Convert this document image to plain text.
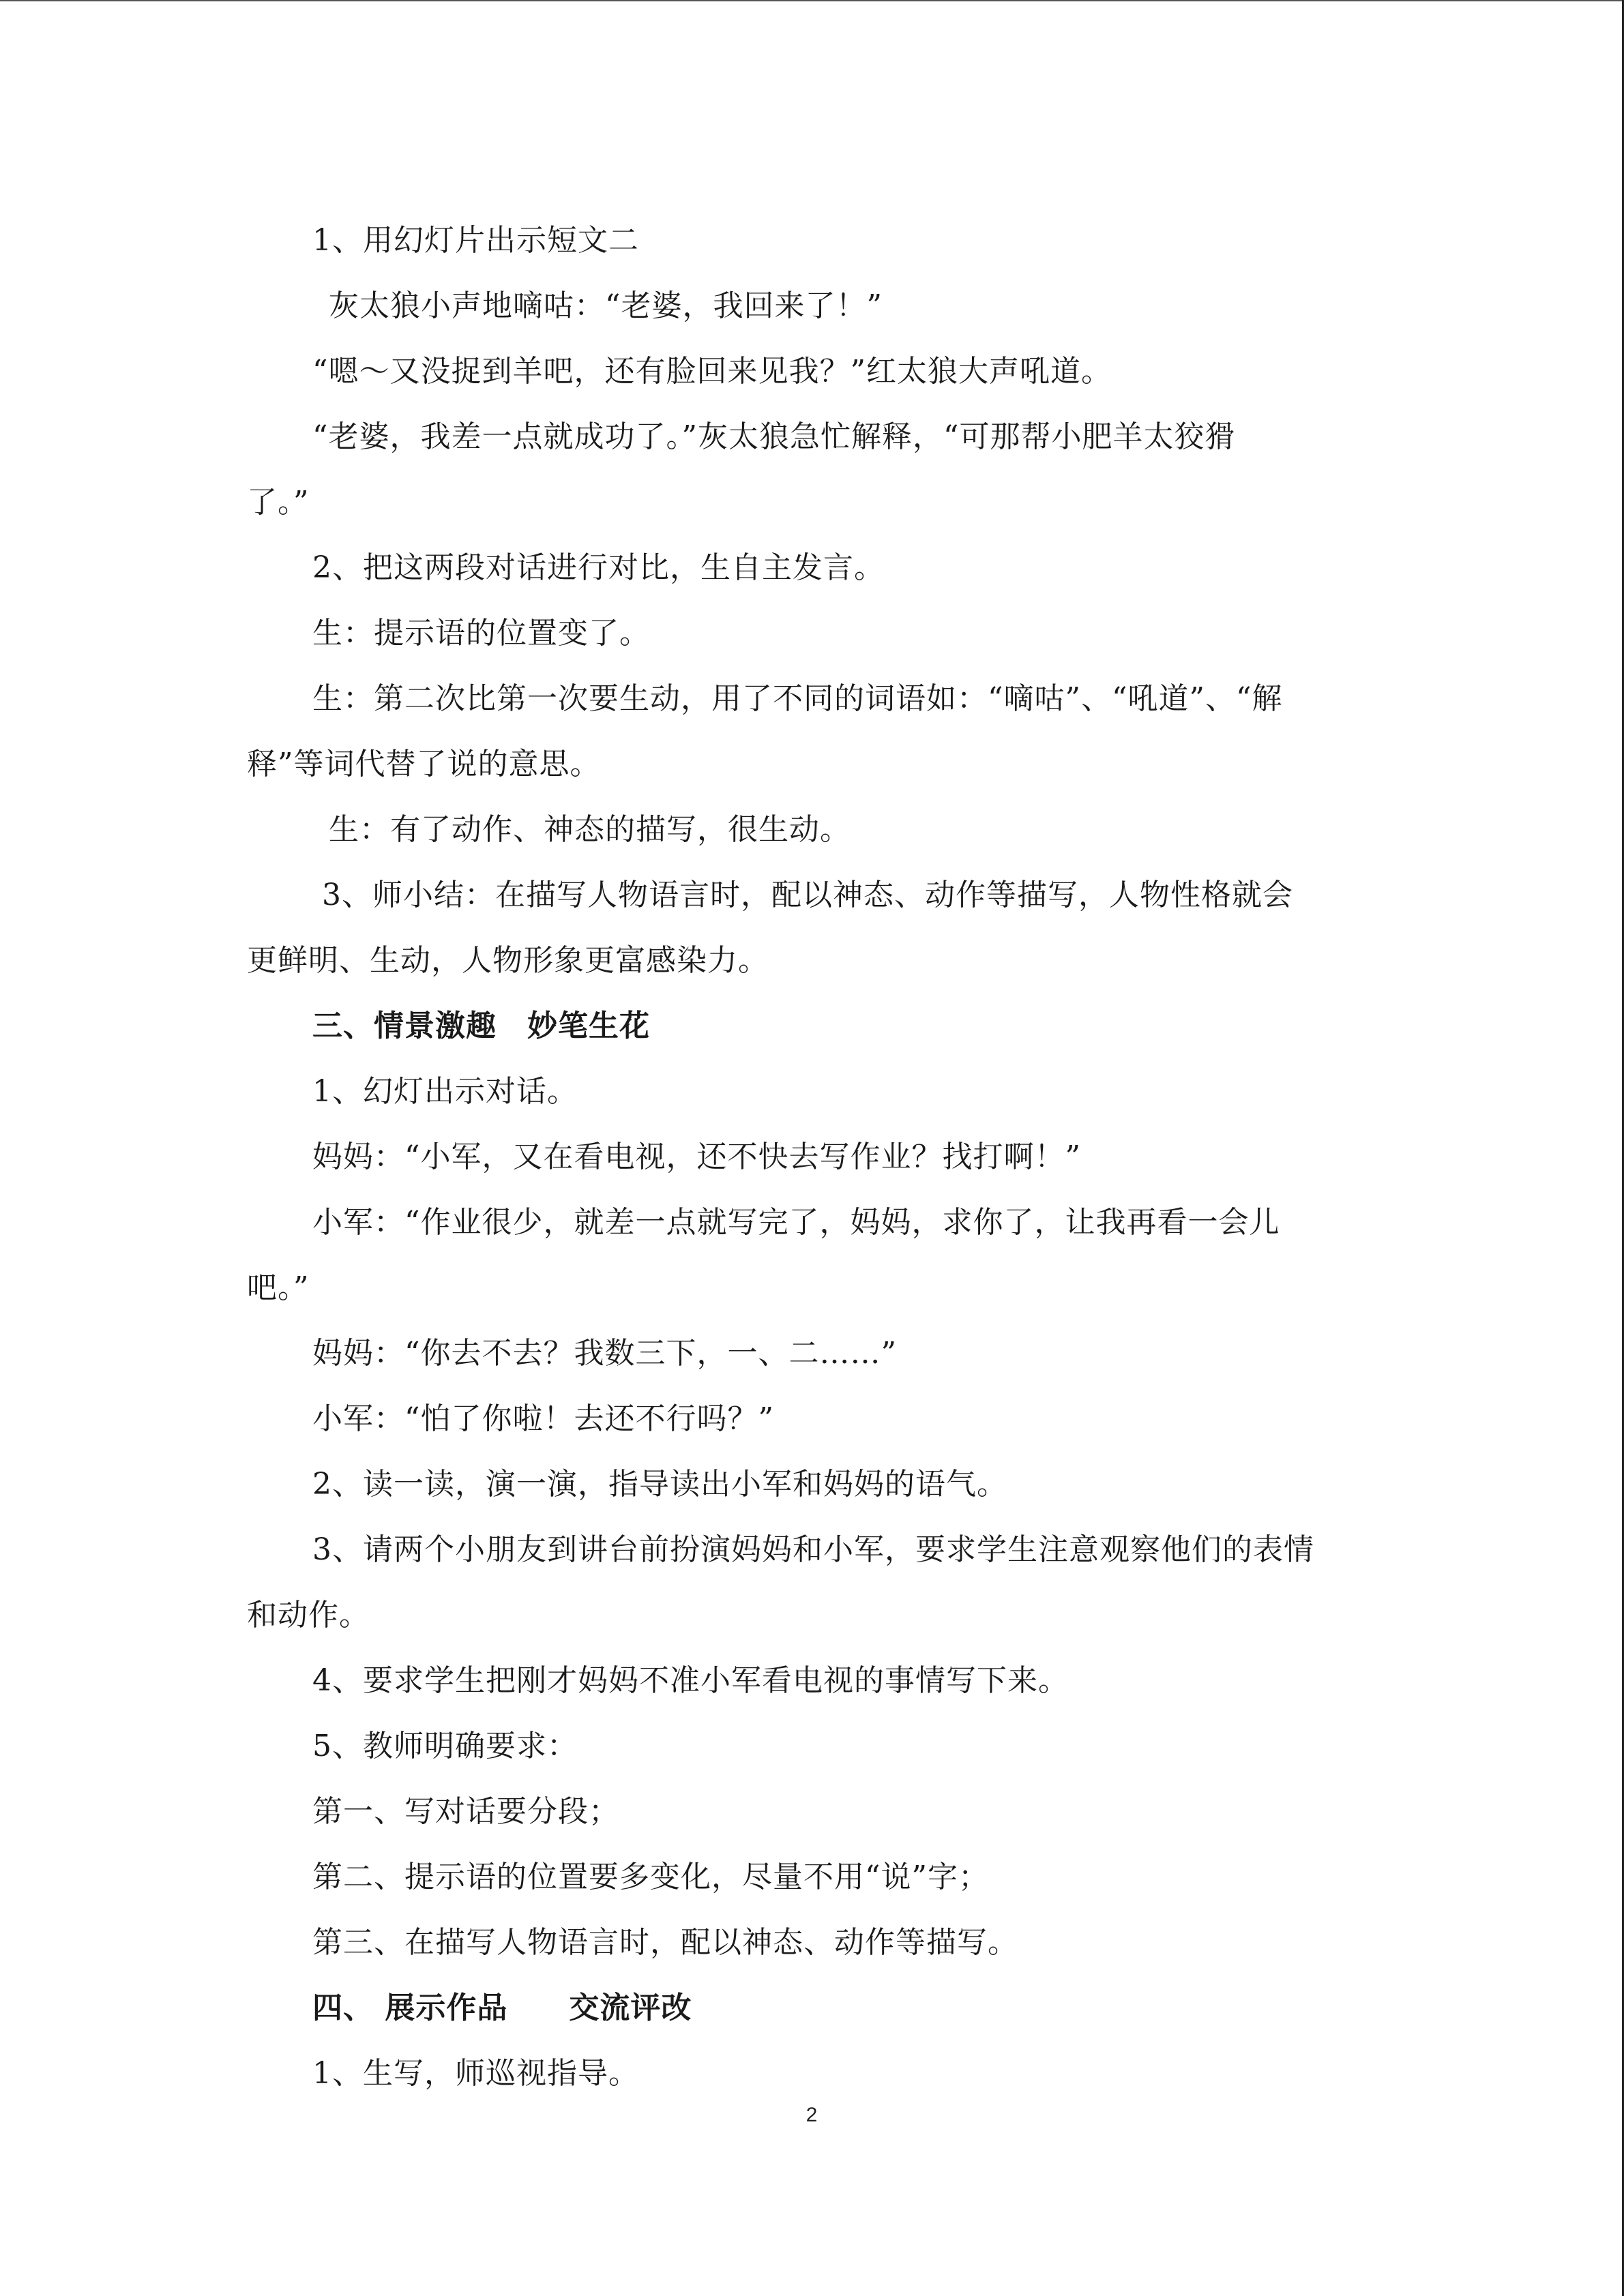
1、用幻灯片出示短文二
灰太狼小声地嘀咕：“老婆，我回来了！”
“嗯～又没捉到羊吧，还有脸回来见我？”红太狼大声吼道。
“老婆，我差一点就成功了。”灰太狼急忙解释，“可那帮小肥羊太狡猾
了。”
2、把这两段对话进行对比，生自主发言。
生：提示语的位置变了。
生：第二次比第一次要生动，用了不同的词语如：“嘀咕”、“吼道”、“解
释”等词代替了说的意思。
生：有了动作、神态的描写，很生动。
3、师小结：在描写人物语言时，配以神态、动作等描写，人物性格就会
更鲜明、生动，人物形象更富感染力。
三、情景激趣　妙笔生花
1、幻灯出示对话。
妈妈：“小军，又在看电视，还不快去写作业？找打啊！”
小军：“作业很少，就差一点就写完了，妈妈，求你了，让我再看一会儿
吧。”
妈妈：“你去不去？我数三下，一、二……”
小军：“怕了你啦！去还不行吗？”
2、读一读，演一演，指导读出小军和妈妈的语气。
3、请两个小朋友到讲台前扮演妈妈和小军，要求学生注意观察他们的表情
和动作。
4、要求学生把刚才妈妈不准小军看电视的事情写下来。
5、教师明确要求：
第一、写对话要分段；
第二、提示语的位置要多变化，尽量不用“说”字；
第三、在描写人物语言时，配以神态、动作等描写。
四、 展示作品　　交流评改
1、生写，师巡视指导。
2
